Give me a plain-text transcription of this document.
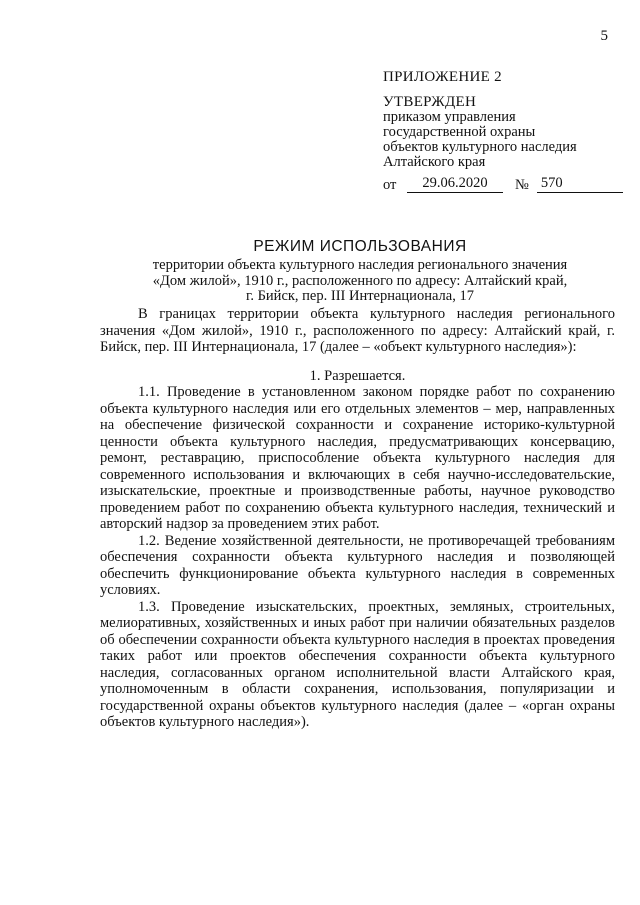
5
ПРИЛОЖЕНИЕ 2
УТВЕРЖДЕН
приказом управления
государственной охраны
объектов культурного наследия
Алтайского края
от	29.06.2020	№ 570
РЕЖИМ ИСПОЛЬЗОВАНИЯ
территории объекта культурного наследия регионального значения
«Дом жилой», 1910 г., расположенного по адресу: Алтайский край,
г. Бийск, пер. III Интернационала, 17

В границах территории объекта культурного наследия регионального значения «Дом жилой», 1910 г., расположенного по адресу: Алтайский край, г. Бийск, пер. III Интернационала, 17 (далее – «объект культурного наследия»):

1. Разрешается.

1.1. Проведение в установленном законом порядке работ по сохранению объекта культурного наследия или его отдельных элементов – мер, направленных на обеспечение физической сохранности и сохранение историко-культурной ценности объекта культурного наследия, предусматривающих консервацию, ремонт, реставрацию, приспособление объекта культурного наследия для современного использования и включающих в себя научно-исследовательские, изыскательские, проектные и производственные работы, научное руководство проведением работ по сохранению объекта культурного наследия, технический и авторский надзор за проведением этих работ.

1.2. Ведение хозяйственной деятельности, не противоречащей требованиям обеспечения сохранности объекта культурного наследия и позволяющей обеспечить функционирование объекта культурного наследия в современных условиях.

1.3. Проведение изыскательских, проектных, земляных, строительных, мелиоративных, хозяйственных и иных работ при наличии обязательных разделов об обеспечении сохранности объекта культурного наследия в проектах проведения таких работ или проектов обеспечения сохранности объекта культурного наследия, согласованных органом исполнительной власти Алтайского края, уполномоченным в области сохранения, использования, популяризации и государственной охраны объектов культурного наследия (далее – «орган охраны объектов культурного наследия»).
